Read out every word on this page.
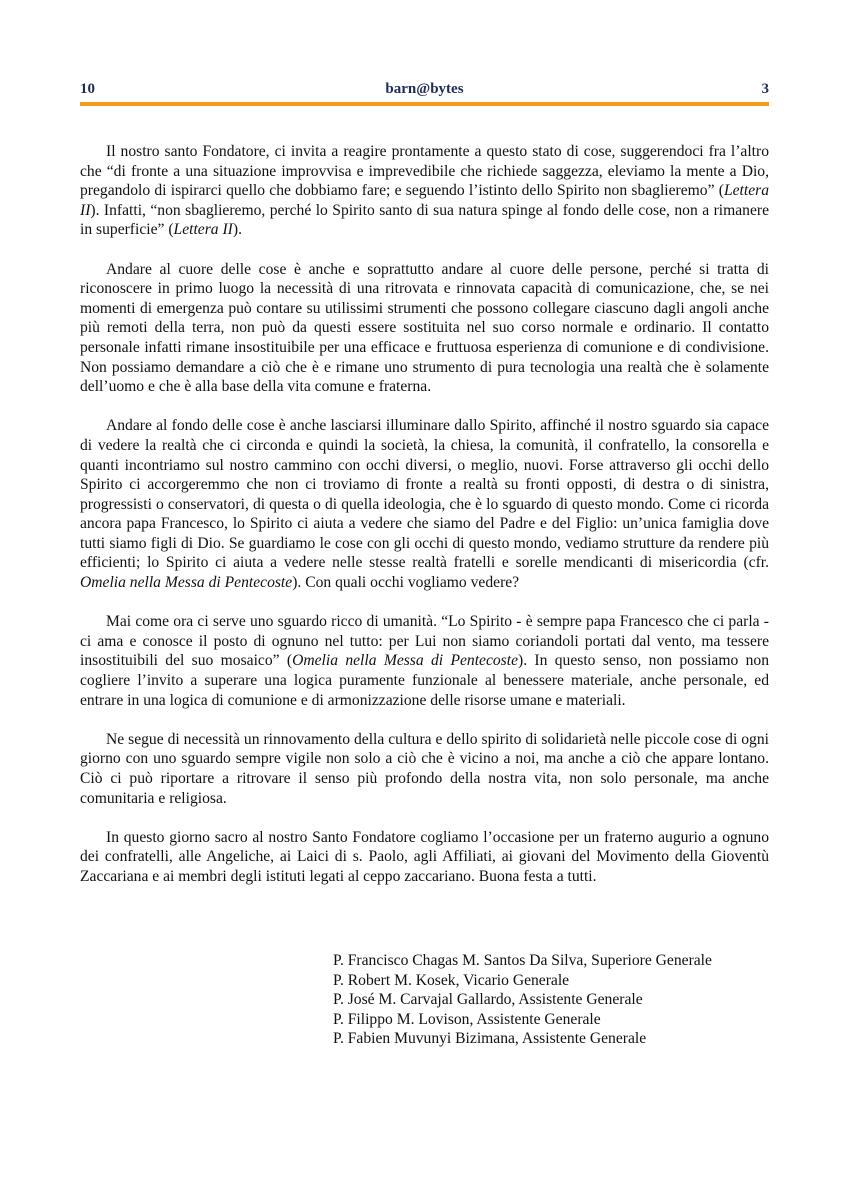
10	barn@bytes	3

Il nostro santo Fondatore, ci invita a reagire prontamente a questo stato di cose, suggerendoci fra l’altro che “di fronte a una situazione improvvisa e imprevedibile che richiede saggezza, eleviamo la mente a Dio, pregandolo di ispirarci quello che dobbiamo fare; e seguendo l’istinto dello Spirito non sbaglieremo” (Lettera II). Infatti, “non sbaglieremo, perché lo Spirito santo di sua natura spinge al fondo delle cose, non a rimanere in superficie” (Lettera II).

Andare al cuore delle cose è anche e soprattutto andare al cuore delle persone, perché si tratta di riconoscere in primo luogo la necessità di una ritrovata e rinnovata capacità di comunicazione, che, se nei momenti di emergenza può contare su utilissimi strumenti che possono collegare ciascuno dagli angoli anche più remoti della terra, non può da questi essere sostituita nel suo corso normale e ordinario. Il contatto personale infatti rimane insostituibile per una efficace e fruttuosa esperienza di comunione e di condivisione. Non possiamo demandare a ciò che è e rimane uno strumento di pura tecnologia una realtà che è solamente dell’uomo e che è alla base della vita comune e fraterna.

Andare al fondo delle cose è anche lasciarsi illuminare dallo Spirito, affinché il nostro sguardo sia capace di vedere la realtà che ci circonda e quindi la società, la chiesa, la comunità, il confratello, la consorella e quanti incontriamo sul nostro cammino con occhi diversi, o meglio, nuovi. Forse attraverso gli occhi dello Spirito ci accorgeremmo che non ci troviamo di fronte a realtà su fronti opposti, di destra o di sinistra, progressisti o conservatori, di questa o di quella ideologia, che è lo sguardo di questo mondo. Come ci ricorda ancora papa Francesco, lo Spirito ci aiuta a vedere che siamo del Padre e del Figlio: un’unica famiglia dove tutti siamo figli di Dio. Se guardiamo le cose con gli occhi di questo mondo, vediamo strutture da rendere più efficienti; lo Spirito ci aiuta a vedere nelle stesse realtà fratelli e sorelle mendicanti di misericordia (cfr. Omelia nella Messa di Pentecoste). Con quali occhi vogliamo vedere?

Mai come ora ci serve uno sguardo ricco di umanità. “Lo Spirito - è sempre papa Francesco che ci parla - ci ama e conosce il posto di ognuno nel tutto: per Lui non siamo coriandoli portati dal vento, ma tessere insostituibili del suo mosaico” (Omelia nella Messa di Pentecoste). In questo senso, non possiamo non cogliere l’invito a superare una logica puramente funzionale al benessere materiale, anche personale, ed entrare in una logica di comunione e di armonizzazione delle risorse umane e materiali.

Ne segue di necessità un rinnovamento della cultura e dello spirito di solidarietà nelle piccole cose di ogni giorno con uno sguardo sempre vigile non solo a ciò che è vicino a noi, ma anche a ciò che appare lontano. Ciò ci può riportare a ritrovare il senso più profondo della nostra vita, non solo personale, ma anche comunitaria e religiosa.

In questo giorno sacro al nostro Santo Fondatore cogliamo l’occasione per un fraterno augurio a ognuno dei confratelli, alle Angeliche, ai Laici di s. Paolo, agli Affiliati, ai giovani del Movimento della Gioventù Zaccariana e ai membri degli istituti legati al ceppo zaccariano. Buona festa a tutti.

P. Francisco Chagas M. Santos Da Silva, Superiore Generale
P. Robert M. Kosek, Vicario Generale
P. José M. Carvajal Gallardo, Assistente Generale
P. Filippo M. Lovison, Assistente Generale
P. Fabien Muvunyi Bizimana, Assistente Generale
